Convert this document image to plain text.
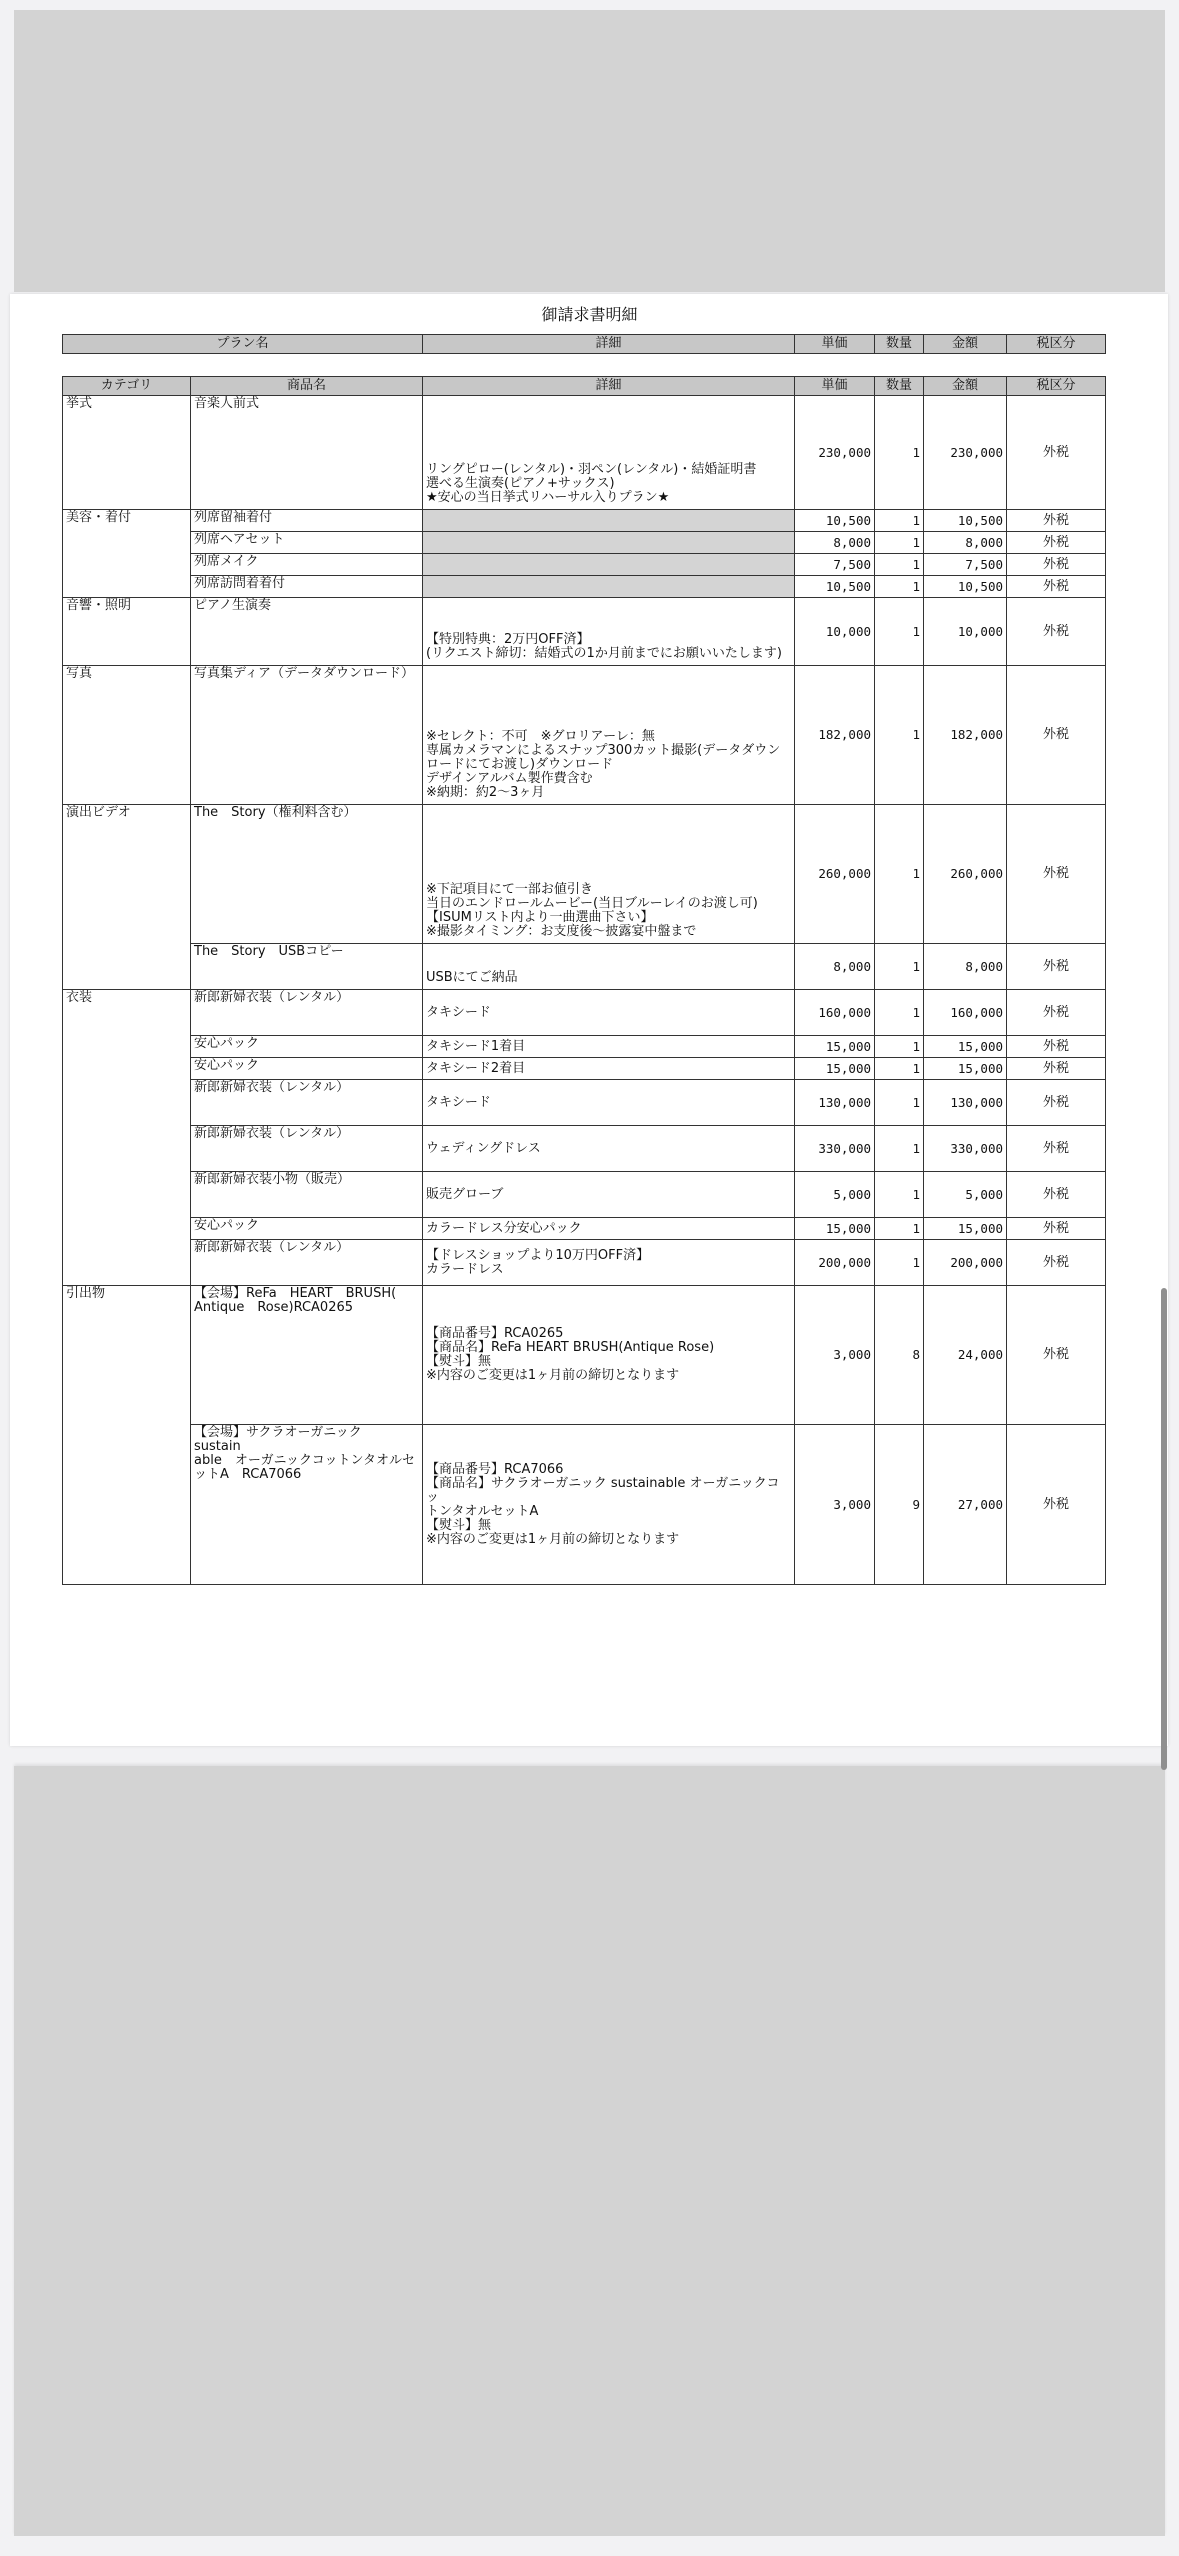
御請求書明細
プラン名	詳細	単価	数量	金額	税区分
カテゴリ	商品名	詳細	単価	数量	金額	税区分
挙式	音楽人前式	リングピロー(レンタル)・羽ペン(レンタル)・結婚証明書
選べる生演奏(ピアノ+サックス)
★安心の当日挙式リハーサル入りプラン★	230,000	1	230,000	外税
美容・着付	列席留袖着付		10,500	1	10,500	外税
	列席ヘアセット		8,000	1	8,000	外税
	列席メイク		7,500	1	7,500	外税
	列席訪問着着付		10,500	1	10,500	外税
音響・照明	ピアノ生演奏	【特別特典：2万円OFF済】
(リクエスト締切：結婚式の1か月前までにお願いいたします)	10,000	1	10,000	外税
写真	写真集ディア（データダウンロード）	※セレクト：不可　※グロリアーレ：無
専属カメラマンによるスナップ300カット撮影(データダウン
ロードにてお渡し)ダウンロード
デザインアルバム製作費含む
※納期：約2～3ヶ月	182,000	1	182,000	外税
演出ビデオ	The　Story（権利料含む）	※下記項目にて一部お値引き
当日のエンドロールムービー(当日ブルーレイのお渡し可)
【ISUMリスト内より一曲選曲下さい】
※撮影タイミング：お支度後～披露宴中盤まで	260,000	1	260,000	外税
	The　Story　USBコピー	USBにてご納品	8,000	1	8,000	外税
衣装	新郎新婦衣装（レンタル）	タキシード	160,000	1	160,000	外税
	安心パック	タキシード1着目	15,000	1	15,000	外税
	安心パック	タキシード2着目	15,000	1	15,000	外税
	新郎新婦衣装（レンタル）	タキシード	130,000	1	130,000	外税
	新郎新婦衣装（レンタル）	ウェディングドレス	330,000	1	330,000	外税
	新郎新婦衣装小物（販売）	販売グローブ	5,000	1	5,000	外税
	安心パック	カラードレス分安心パック	15,000	1	15,000	外税
	新郎新婦衣装（レンタル）	【ドレスショップより10万円OFF済】
カラードレス	200,000	1	200,000	外税
引出物	【会場】ReFa　HEART　BRUSH(
Antique　Rose)RCA0265	【商品番号】RCA0265
【商品名】ReFa HEART BRUSH(Antique Rose)
【熨斗】無
※内容のご変更は1ヶ月前の締切となります	3,000	8	24,000	外税
	【会場】サクラオーガニック　sustain
able　オーガニックコットンタオルセ
ットA　RCA7066	【商品番号】RCA7066
【商品名】サクラオーガニック sustainable オーガニックコッ
トンタオルセットA
【熨斗】無
※内容のご変更は1ヶ月前の締切となります	3,000	9	27,000	外税
